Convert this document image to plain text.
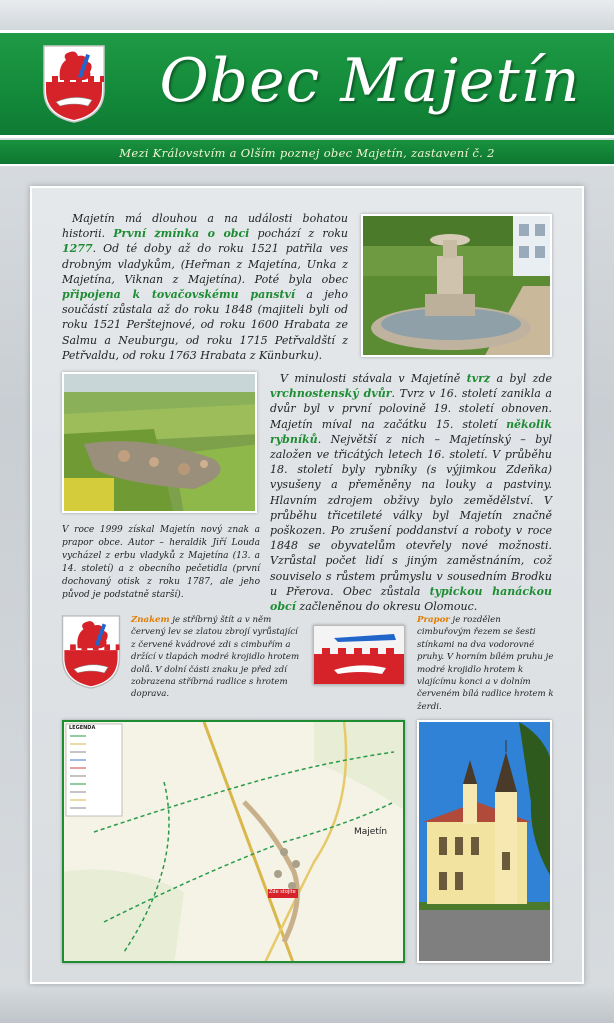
Obec Majetín
Mezi Královstvím a Olším poznej obec Majetín, zastavení č. 2
Majetín má dlouhou a na události bohatou historii. První zmínka o obci pochází z roku 1277. Od té doby až do roku 1521 patřila ves drobným vladykům, (Heřman z Majetína, Unka z Majetína, Viknan z Majetína). Poté byla obec připojena k tovačovskému panství a jeho součástí zůstala až do roku 1848 (majiteli byli od roku 1521 Perštejnové, od roku 1600 Hrabata ze Salmu a Neuburgu, od roku 1715 Petřvaldští z Petřvaldu, od roku 1763 Hrabata z Künburku).
V roce 1999 získal Majetín nový znak a prapor obce. Autor – heraldik Jiří Louda vycházel z erbu vladyků z Majetína (13. a 14. století) a z obecního pečetidla (první dochovaný otisk z roku 1787, ale jeho původ je podstatně starší).
V minulosti stávala v Majetíně tvrz a byl zde vrchnostenský dvůr. Tvrz v 16. století zanikla a dvůr byl v první polovině 19. století obnoven. Majetín míval na začátku 15. století několik rybníků. Největší z nich – Majetínský – byl založen ve třicátých letech 16. století. V průběhu 18. století byly rybníky (s výjimkou Zdeňka) vysušeny a přeměněny na louky a pastviny. Hlavním zdrojem obživy bylo zemědělství. V průběhu třicetileté války byl Majetín značně poškozen. Po zrušení poddanství a roboty v roce 1848 se obyvatelům otevřely nové možnosti. Vzrůstal počet lidí s jiným zaměstnáním, což souviselo s růstem průmyslu v sousedním Brodku u Přerova. Obec zůstala typickou hanáckou obcí začleněnou do okresu Olomouc.
Znakem je stříbrný štít a v něm červený lev se zlatou zbrojí vyrůstající z červené kvádrové zdi s cimbuřím a držící v tlapách modré krojidlo hrotem dolů. V dolní části znaku je před zdí zobrazena stříbrná radlice s hrotem doprava.
Prapor je rozdělen cimbuřovým řezem se šesti stínkami na dva vodorovné pruhy. V horním bílém pruhu je modré krojidlo hrotem k vlajícímu konci a v dolním červeném bílá radlice hrotem k žerdi.
LEGENDA
Majetín
Zde stojíte
